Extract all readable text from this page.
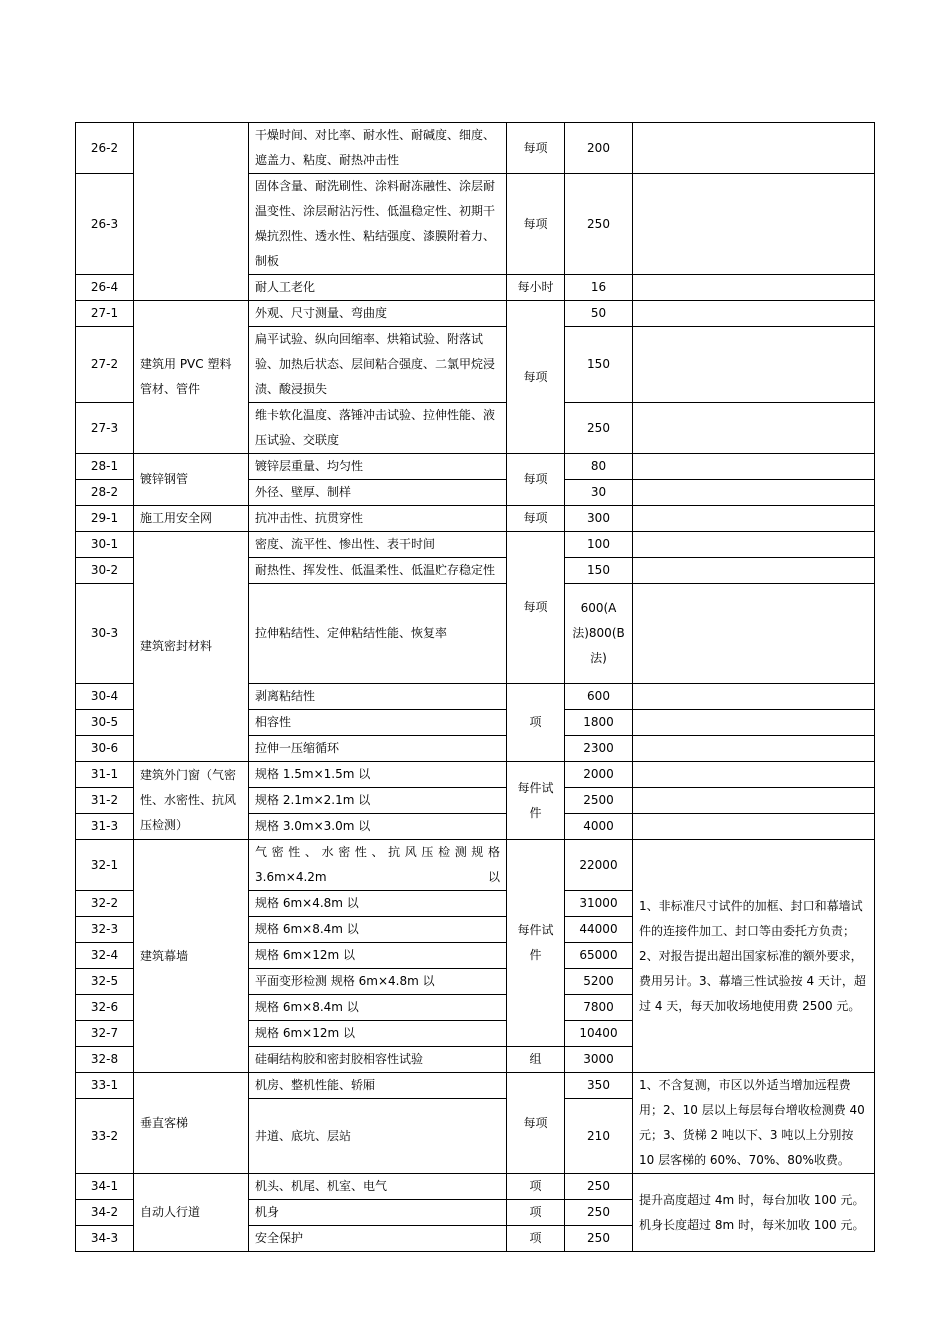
26-2		干燥时间、对比率、耐水性、耐碱度、细度、遮盖力、粘度、耐热冲击性	每项	200	
26-3		固体含量、耐洗刷性、涂料耐冻融性、涂层耐温变性、涂层耐沾污性、低温稳定性、初期干燥抗烈性、透水性、粘结强度、漆膜附着力、制板	每项	250	
26-4		耐人工老化	每小时	16	
27-1	建筑用 PVC 塑料管材、管件	外观、尺寸测量、弯曲度	每项	50	
27-2		扁平试验、纵向回缩率、烘箱试验、附落试验、加热后状态、层间粘合强度、二氯甲烷浸渍、酸浸损失		150	
27-3		维卡软化温度、落锤冲击试验、拉伸性能、液压试验、交联度		250	
28-1	镀锌钢管	镀锌层重量、均匀性	每项	80	
28-2		外径、壁厚、制样		30	
29-1	施工用安全网	抗冲击性、抗贯穿性	每项	300	
30-1	建筑密封材料	密度、流平性、惨出性、表干时间	每项	100	
30-2		耐热性、挥发性、低温柔性、低温贮存稳定性		150	
30-3		拉伸粘结性、定伸粘结性能、恢复率		600(A法)800(B法)	
30-4		剥离粘结性	项	600	
30-5		相容性		1800	
30-6		拉伸一压缩循环		2300	
31-1	建筑外门窗（气密性、水密性、抗风压检测）	规格 1.5m×1.5m 以	每件试件	2000	
31-2		规格 2.1m×2.1m 以		2500	
31-3		规格 3.0m×3.0m 以		4000	
32-1	建筑幕墙	气 密 性 、 水 密 性 、 抗 风 压 检 测 规 格 3.6m×4.2m 以	每件试件	22000	1、非标准尺寸试件的加框、封口和幕墙试件的连接件加工、封口等由委托方负责；2、对报告提出超出国家标准的额外要求，费用另计。3、幕墙三性试验按 4 天计，超过 4 天，每天加收场地使用费 2500 元。
32-2		规格 6m×4.8m 以		31000	
32-3		规格 6m×8.4m 以		44000	
32-4		规格 6m×12m 以		65000	
32-5		平面变形检测 规格 6m×4.8m 以		5200	
32-6		规格 6m×8.4m 以		7800	
32-7		规格 6m×12m 以		10400	
32-8		硅硐结构胶和密封胶相容性试验	组	3000	
33-1	垂直客梯	机房、整机性能、轿厢	每项	350	1、不含复测，市区以外适当增加远程费用；2、10 层以上每层每台增收检测费 40 元；3、货梯 2 吨以下、3 吨以上分别按 10 层客梯的 60%、70%、80%收费。
33-2		井道、底坑、层站		210	
34-1	自动人行道	机头、机尾、机室、电气	项	250	提升高度超过 4m 时，每台加收 100 元。机身长度超过 8m 时，每米加收 100 元。
34-2		机身	项	250	
34-3		安全保护	项	250	
